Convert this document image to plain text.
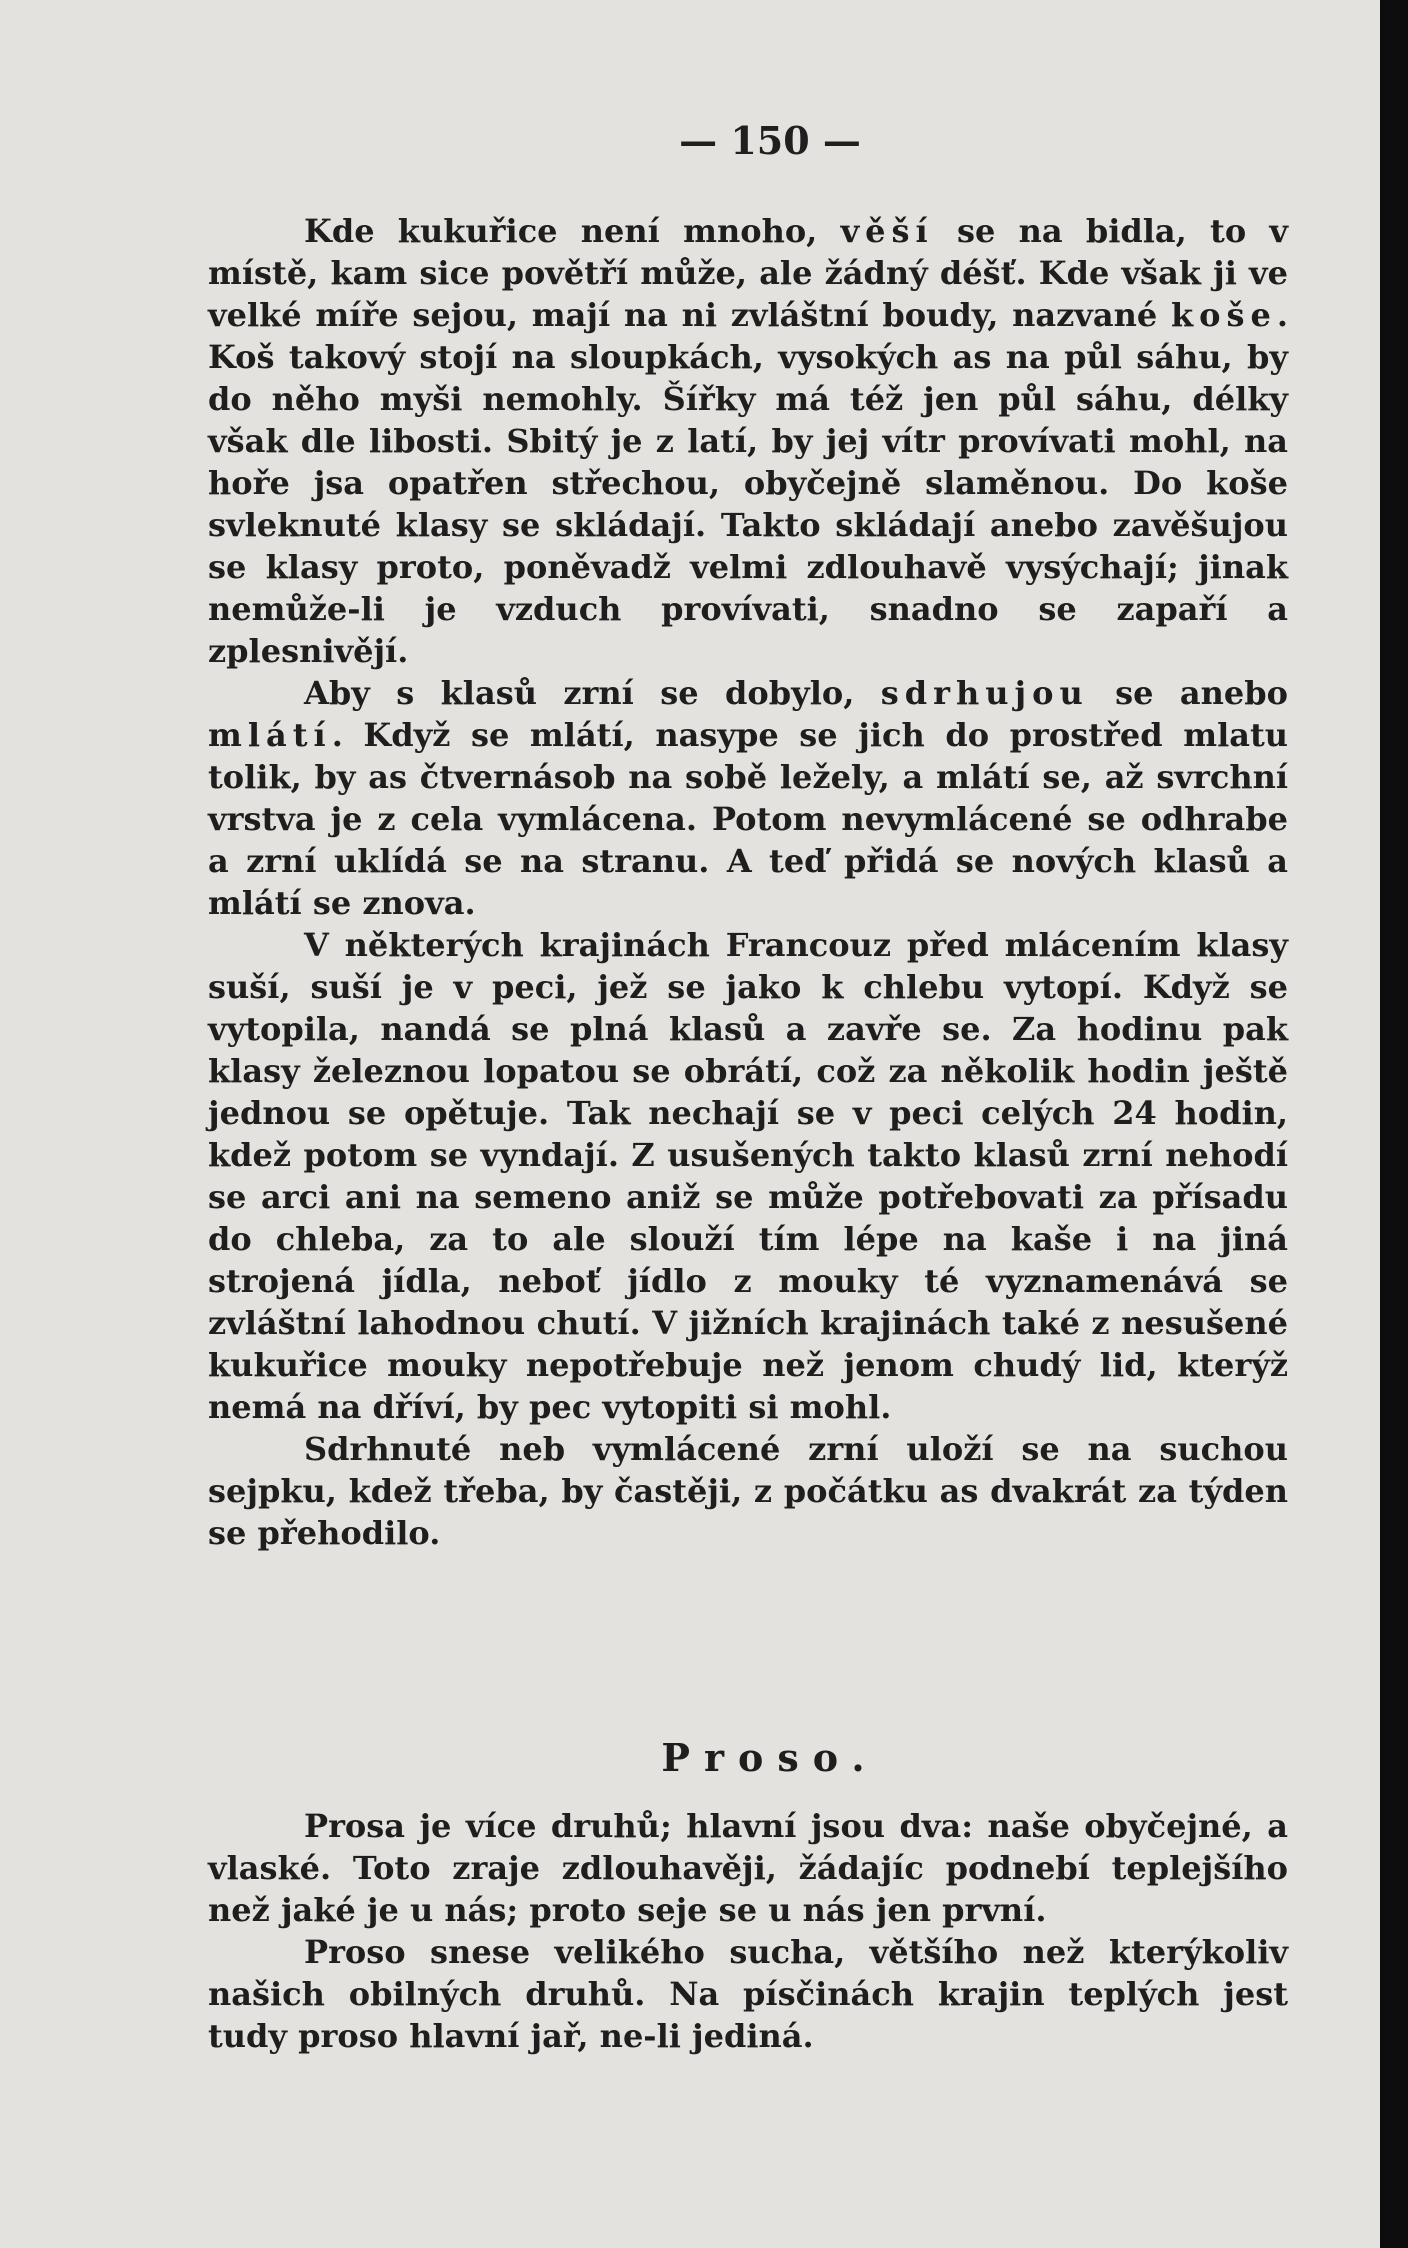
— 150 —

Kde kukuřice není mnoho, věší se na bidla, to v místě, kam sice povětří může, ale žádný déšť. Kde však ji ve velké míře sejou, mají na ni zvláštní boudy, nazvané koše. Koš takový stojí na sloupkách, vysokých as na půl sáhu, by do něho myši nemohly. Šířky má též jen půl sáhu, délky však dle libosti. Sbitý je z latí, by jej vítr provívati mohl, na hoře jsa opatřen střechou, obyčejně slaměnou. Do koše svleknuté klasy se skládají. Takto skládají anebo zavěšujou se klasy proto, poněvadž velmi zdlouhavě vysýchají; jinak nemůže-li je vzduch provívati, snadno se zapaří a zplesnivějí.

Aby s klasů zrní se dobylo, sdrhujou se anebo mlátí. Když se mlátí, nasype se jich do prostřed mlatu tolik, by as čtvernásob na sobě ležely, a mlátí se, až svrchní vrstva je z cela vymlácena. Potom nevymlácené se odhrabe a zrní uklídá se na stranu. A teď přidá se nových klasů a mlátí se znova.

V některých krajinách Francouz před mlácením klasy suší, suší je v peci, jež se jako k chlebu vytopí. Když se vytopila, nandá se plná klasů a zavře se. Za hodinu pak klasy železnou lopatou se obrátí, což za několik hodin ještě jednou se opětuje. Tak nechají se v peci celých 24 hodin, kdež potom se vyndají. Z usušených takto klasů zrní nehodí se arci ani na semeno aniž se může potřebovati za přísadu do chleba, za to ale slouží tím lépe na kaše i na jiná strojená jídla, neboť jídlo z mouky té vyznamenává se zvláštní lahodnou chutí. V jižních krajinách také z nesušené kukuřice mouky nepotřebuje než jenom chudý lid, kterýž nemá na dříví, by pec vytopiti si mohl.

Sdrhnuté neb vymlácené zrní uloží se na suchou sejpku, kdež třeba, by častěji, z počátku as dvakrát za týden se přehodilo.

Proso.

Prosa je více druhů; hlavní jsou dva: naše obyčejné, a vlaské. Toto zraje zdlouhavěji, žádajíc podnebí teplejšího než jaké je u nás; proto seje se u nás jen první.

Proso snese velikého sucha, většího než kterýkoliv našich obilných druhů. Na písčinách krajin teplých jest tudy proso hlavní jař, ne-li jediná.
